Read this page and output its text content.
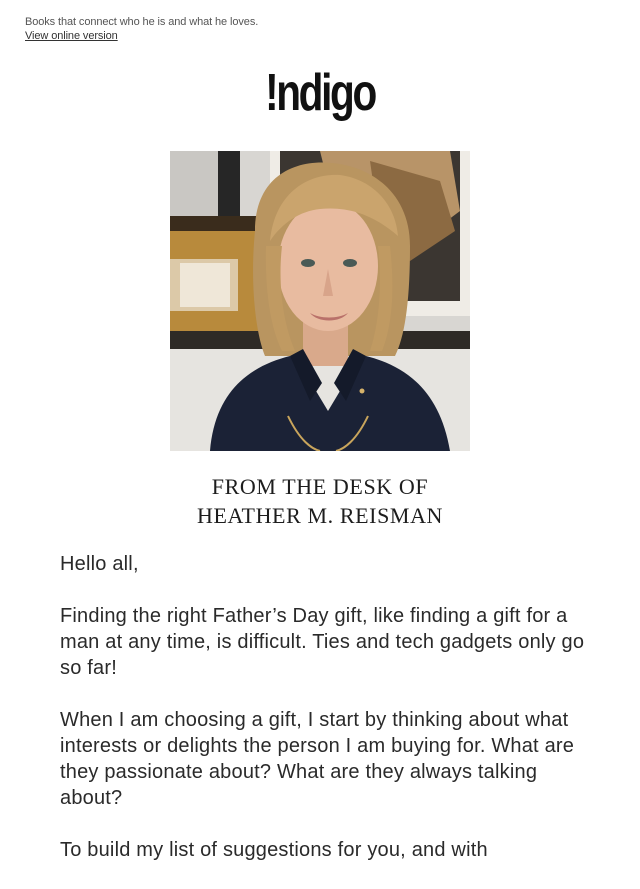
Books that connect who he is and what he loves.
View online version
!ndigo
FROM THE DESK OF
HEATHER M. REISMAN

Hello all,

Finding the right Father’s Day gift, like finding a gift for a man at any time, is difficult. Ties and tech gadgets only go so far!

When I am choosing a gift, I start by thinking about what interests or delights the person I am buying for. What are they passionate about? What are they always talking about?

To build my list of suggestions for you, and with
